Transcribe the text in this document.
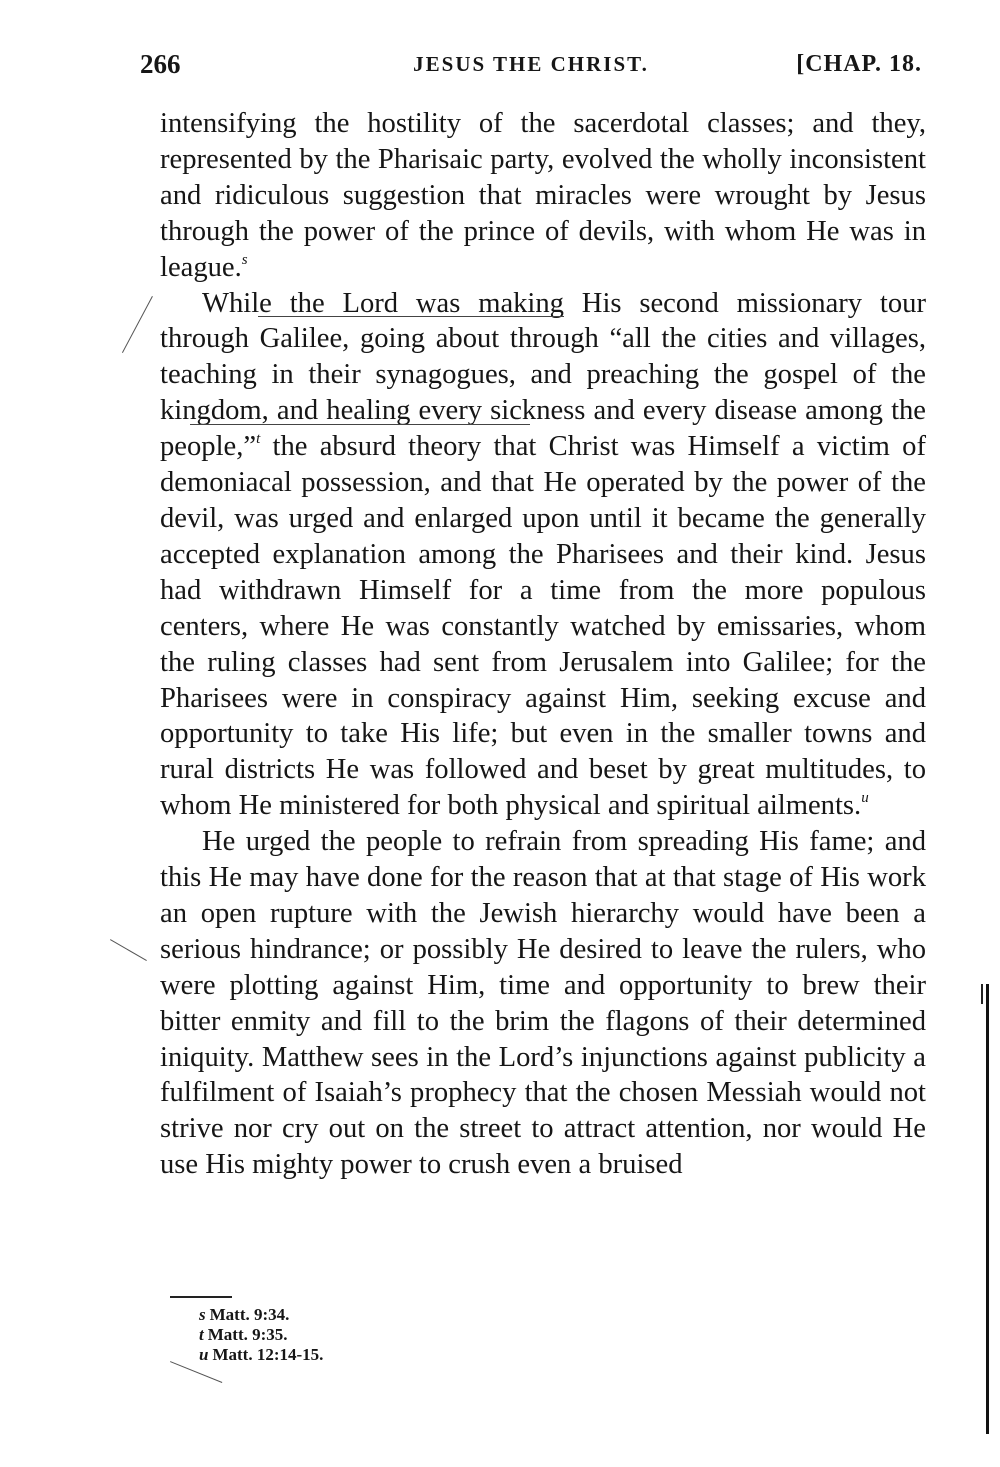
266	JESUS THE CHRIST.	[CHAP. 18.

intensifying the hostility of the sacerdotal classes; and they, represented by the Pharisaic party, evolved the wholly inconsistent and ridiculous suggestion that miracles were wrought by Jesus through the power of the prince of devils, with whom He was in league.$^s$

While the Lord was making His second missionary tour through Galilee, going about through “all the cities and villages, teaching in their synagogues, and preaching the gospel of the kingdom, and healing every sickness and every disease among the people,”$^t$ the absurd theory that Christ was Himself a victim of demoniacal possession, and that He operated by the power of the devil, was urged and enlarged upon until it became the generally accepted explanation among the Pharisees and their kind. Jesus had withdrawn Himself for a time from the more populous centers, where He was constantly watched by emissaries, whom the ruling classes had sent from Jerusalem into Galilee; for the Pharisees were in conspiracy against Him, seeking excuse and opportunity to take His life; but even in the smaller towns and rural districts He was followed and beset by great multitudes, to whom He ministered for both physical and spiritual ailments.$^u$

He urged the people to refrain from spreading His fame; and this He may have done for the reason that at that stage of His work an open rupture with the Jewish hierarchy would have been a serious hindrance; or possibly He desired to leave the rulers, who were plotting against Him, time and opportunity to brew their bitter enmity and fill to the brim the flagons of their determined iniquity. Matthew sees in the Lord’s injunctions against publicity a fulfilment of Isaiah’s prophecy that the chosen Messiah would not strive nor cry out on the street to attract attention, nor would He use His mighty power to crush even a bruised

s Matt. 9:34.
t Matt. 9:35.
u Matt. 12:14-15.
